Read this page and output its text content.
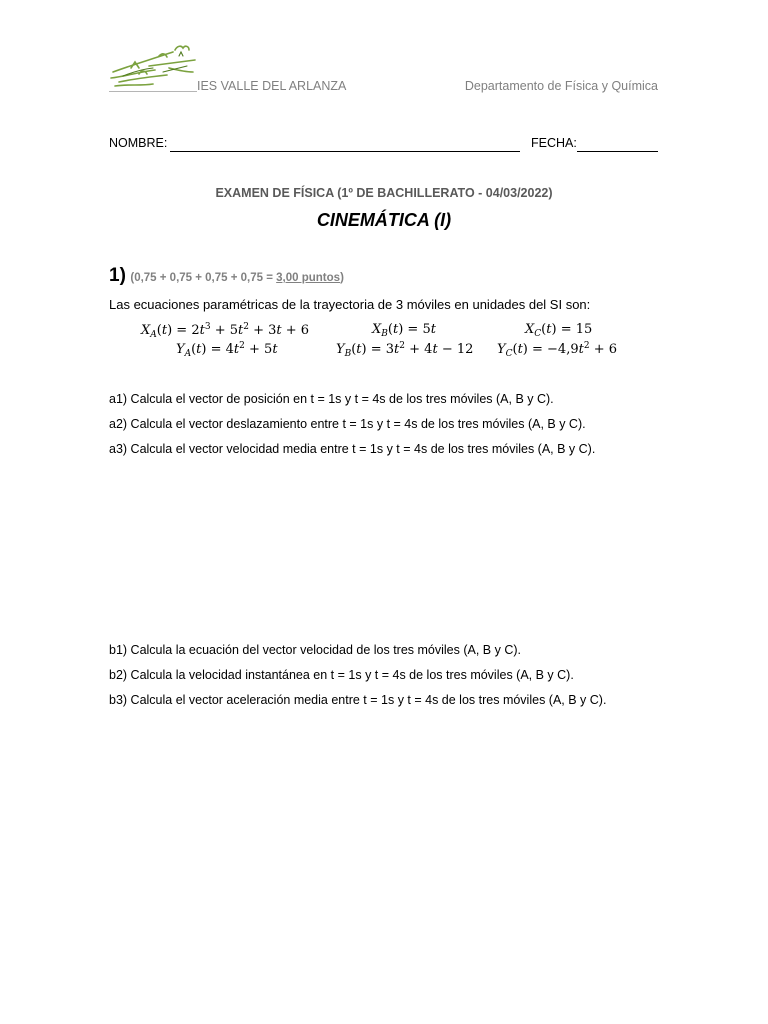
IES VALLE DEL ARLANZA	Departamento de Física y Química
NOMBRE:	FECHA:
EXAMEN DE FÍSICA (1º DE BACHILLERATO - 04/03/2022)
CINEMÁTICA (I)
1) (0,75 + 0,75 + 0,75 + 0,75 = 3,00 puntos)
Las ecuaciones paramétricas de la trayectoria de 3 móviles en unidades del SI son:
$X_A(t) = 2t^3 + 5t^2 + 3t + 6$
$Y_A(t) = 4t^2 + 5t$
$X_B(t) = 5t$
$Y_B(t) = 3t^2 + 4t - 12$
$X_C(t) = 15$
$Y_C(t) = -4,9t^2 + 6$
a1) Calcula el vector de posición en t = 1s y t = 4s de los tres móviles (A, B y C).
a2) Calcula el vector deslazamiento entre t = 1s y t = 4s de los tres móviles (A, B y C).
a3) Calcula el vector velocidad media entre t = 1s y t = 4s de los tres móviles (A, B y C).
b1) Calcula la ecuación del vector velocidad de los tres móviles (A, B y C).
b2) Calcula la velocidad instantánea en t = 1s y t = 4s de los tres móviles (A, B y C).
b3) Calcula el vector aceleración media entre t = 1s y t = 4s de los tres móviles (A, B y C).
